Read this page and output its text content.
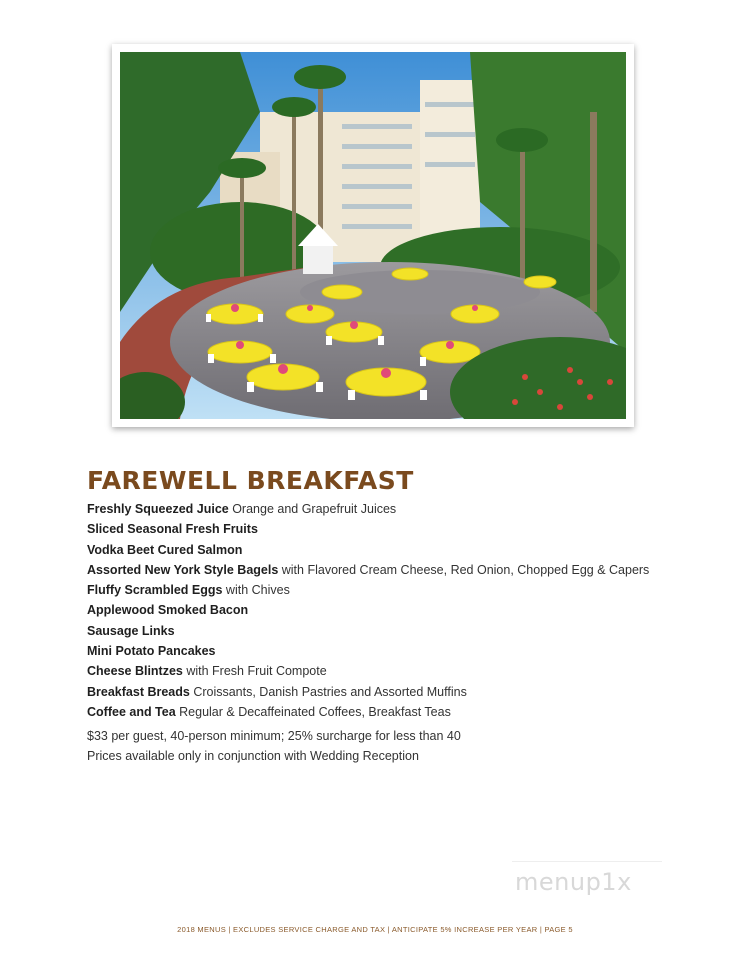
FAREWELL BREAKFAST
Freshly Squeezed Juice Orange and Grapefruit Juices
Sliced Seasonal Fresh Fruits
Vodka Beet Cured Salmon
Assorted New York Style Bagels with Flavored Cream Cheese, Red Onion, Chopped Egg & Capers
Fluffy Scrambled Eggs with Chives
Applewood Smoked Bacon
Sausage Links
Mini Potato Pancakes
Cheese Blintzes with Fresh Fruit Compote
Breakfast Breads Croissants, Danish Pastries and Assorted Muffins
Coffee and Tea Regular & Decaffeinated Coffees, Breakfast Teas
$33 per guest, 40-person minimum; 25% surcharge for less than 40
Prices available only in conjunction with Wedding Reception
menup1x
2018 MENUS | EXCLUDES SERVICE CHARGE AND TAX | ANTICIPATE 5% INCREASE PER YEAR | PAGE 5
